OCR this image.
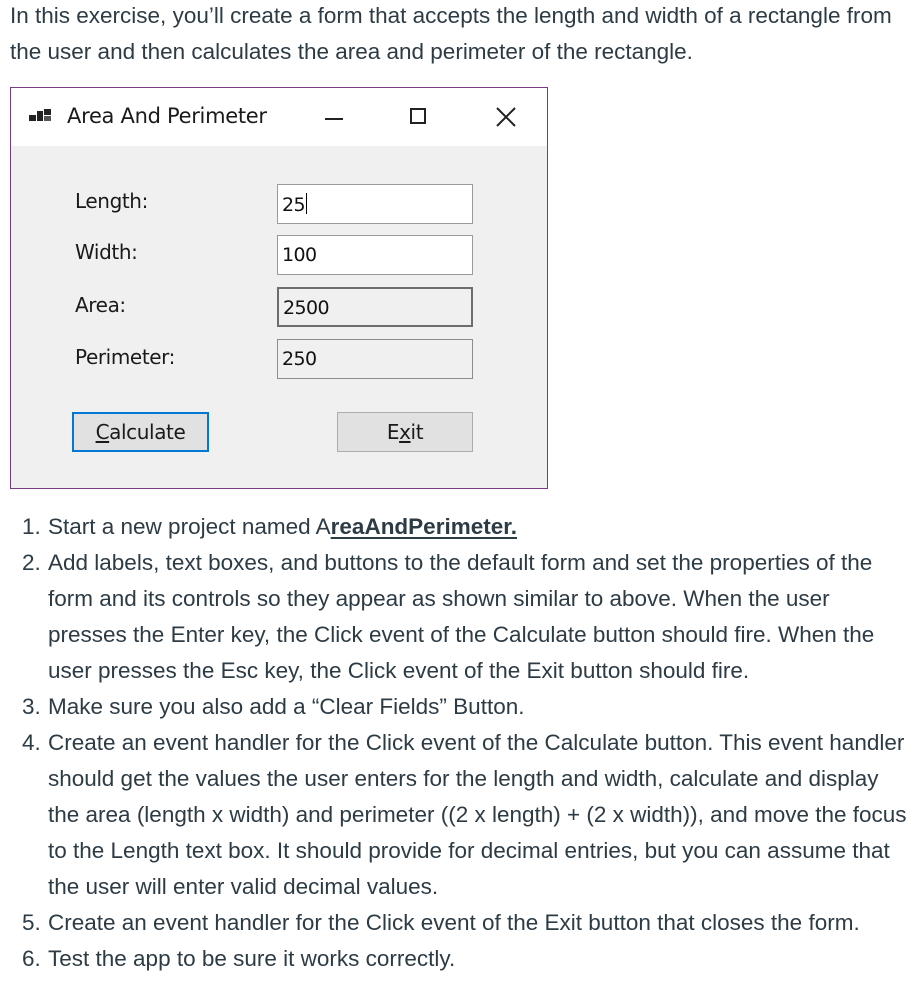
In this exercise, you’ll create a form that accepts the length and width of a rectangle from the user and then calculates the area and perimeter of the rectangle.

Area And Perimeter
Length:	25
Width:	100
Area:	2500
Perimeter:	250
Calculate	Exit
1. Start a new project named AreaAndPerimeter.
2. Add labels, text boxes, and buttons to the default form and set the properties of the form and its controls so they appear as shown similar to above. When the user presses the Enter key, the Click event of the Calculate button should fire. When the user presses the Esc key, the Click event of the Exit button should fire.
3. Make sure you also add a “Clear Fields” Button.
4. Create an event handler for the Click event of the Calculate button. This event handler should get the values the user enters for the length and width, calculate and display the area (length x width) and perimeter ((2 x length) + (2 x width)), and move the focus to the Length text box. It should provide for decimal entries, but you can assume that the user will enter valid decimal values.
5. Create an event handler for the Click event of the Exit button that closes the form.
6. Test the app to be sure it works correctly.
